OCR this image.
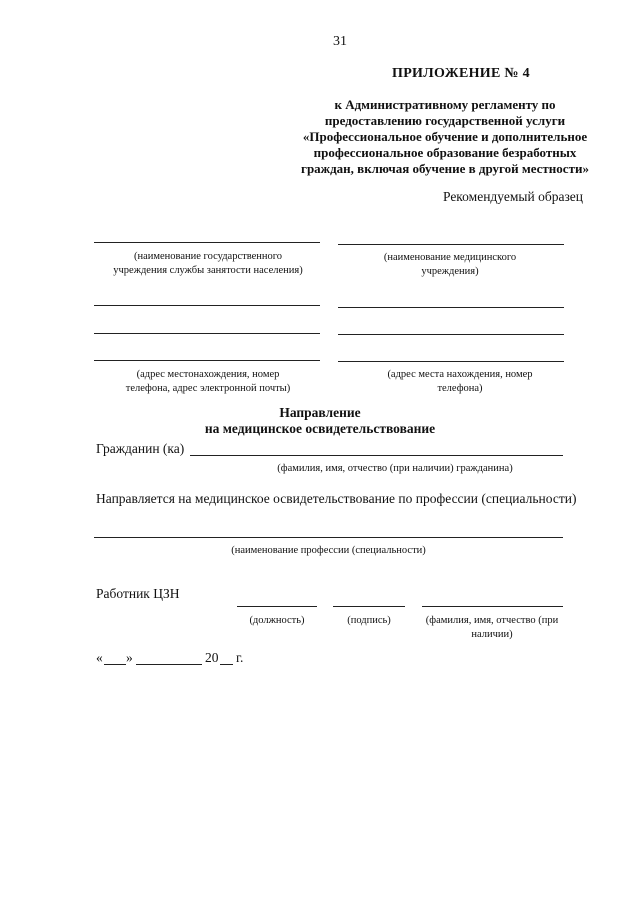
31
ПРИЛОЖЕНИЕ № 4
к Административному регламенту по
предоставлению государственной услуги
«Профессиональное обучение и дополнительное
профессиональное образование безработных
граждан, включая обучение в другой местности»
Рекомендуемый образец
(наименование государственного
учреждения службы занятости населения)
(адрес местонахождения, номер
телефона, адрес электронной почты)
(наименование медицинского
учреждения)
(адрес места нахождения, номер
телефона)
Направление
на медицинское освидетельствование
Гражданин (ка)
(фамилия, имя, отчество (при наличии) гражданина)
Направляется на медицинское освидетельствование по профессии (специальности)
(наименование профессии (специальности)
Работник ЦЗН
(должность)	(подпись)	(фамилия, имя, отчество (при
наличии)
« »	20 г.
